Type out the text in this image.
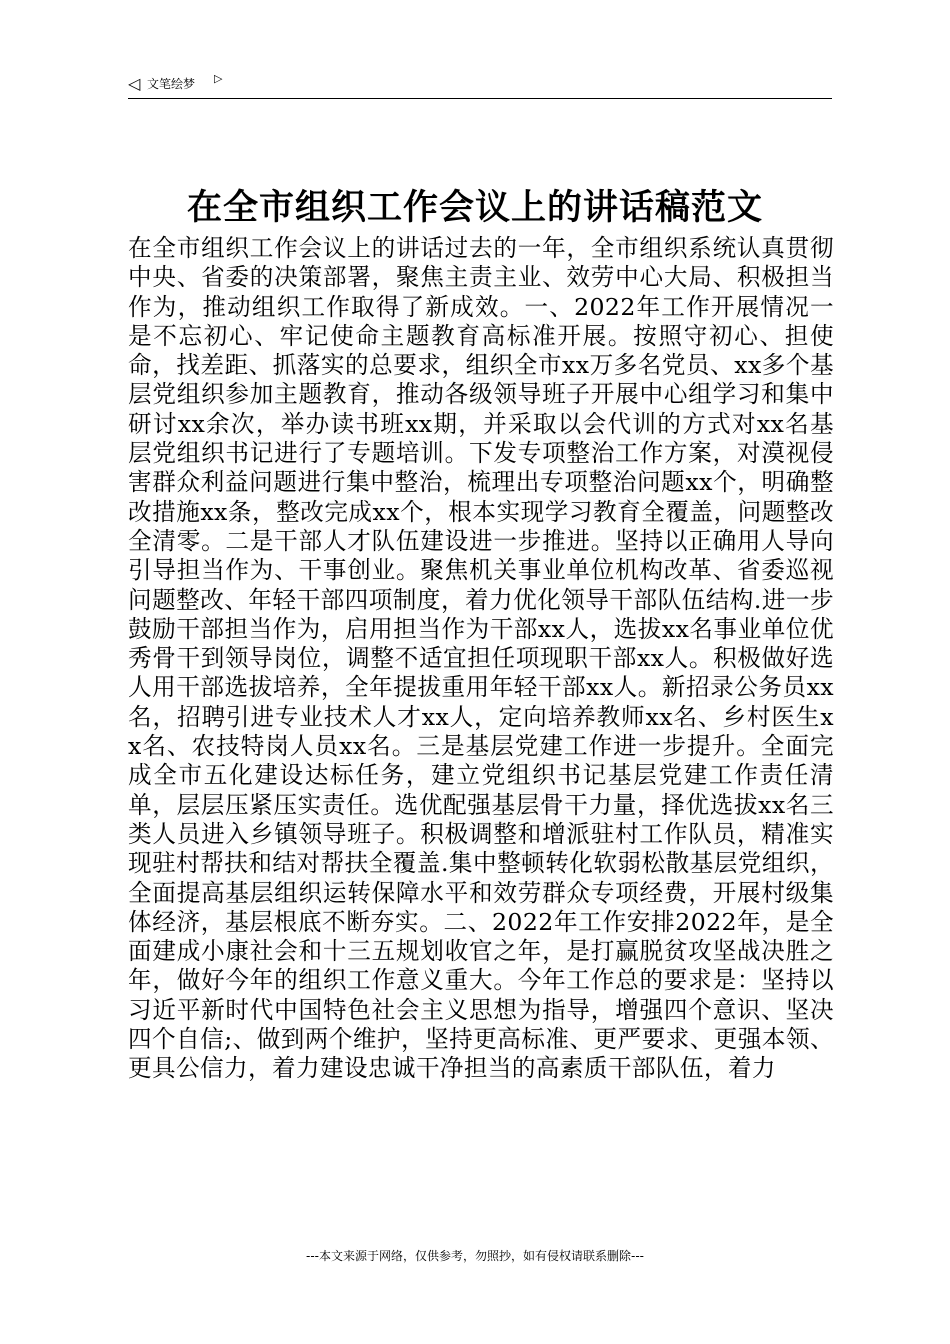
◁ 文笔绘梦 ▷
在全市组织工作会议上的讲话稿范文

在全市组织工作会议上的讲话过去的一年，全市组织系统认真贯彻中央、省委的决策部署，聚焦主责主业、效劳中心大局、积极担当作为，推动组织工作取得了新成效。一、2022年工作开展情况一是不忘初心、牢记使命主题教育高标准开展。按照守初心、担使命，找差距、抓落实的总要求，组织全市xx万多名党员、xx多个基层党组织参加主题教育，推动各级领导班子开展中心组学习和集中研讨xx余次，举办读书班xx期，并采取以会代训的方式对xx名基层党组织书记进行了专题培训。下发专项整治工作方案，对漠视侵害群众利益问题进行集中整治，梳理出专项整治问题xx个，明确整改措施xx条，整改完成xx个，根本实现学习教育全覆盖，问题整改全清零。二是干部人才队伍建设进一步推进。坚持以正确用人导向引导担当作为、干事创业。聚焦机关事业单位机构改革、省委巡视问题整改、年轻干部四项制度，着力优化领导干部队伍结构.进一步鼓励干部担当作为，启用担当作为干部xx人，选拔xx名事业单位优秀骨干到领导岗位，调整不适宜担任项现职干部xx人。积极做好选人用干部选拔培养，全年提拔重用年轻干部xx人。新招录公务员xx名，招聘引进专业技术人才xx人，定向培养教师xx名、乡村医生xx名、农技特岗人员xx名。三是基层党建工作进一步提升。全面完成全市五化建设达标任务，建立党组织书记基层党建工作责任清单，层层压紧压实责任。选优配强基层骨干力量，择优选拔xx名三类人员进入乡镇领导班子。积极调整和增派驻村工作队员，精准实现驻村帮扶和结对帮扶全覆盖.集中整顿转化软弱松散基层党组织，全面提高基层组织运转保障水平和效劳群众专项经费，开展村级集体经济，基层根底不断夯实。二、2022年工作安排2022年，是全面建成小康社会和十三五规划收官之年，是打赢脱贫攻坚战决胜之年，做好今年的组织工作意义重大。今年工作总的要求是：坚持以习近平新时代中国特色社会主义思想为指导，增强四个意识、坚决四个自信;、做到两个维护，坚持更高标准、更严要求、更强本领、更具公信力，着力建设忠诚干净担当的高素质干部队伍，着力

---本文来源于网络，仅供参考，勿照抄，如有侵权请联系删除---
